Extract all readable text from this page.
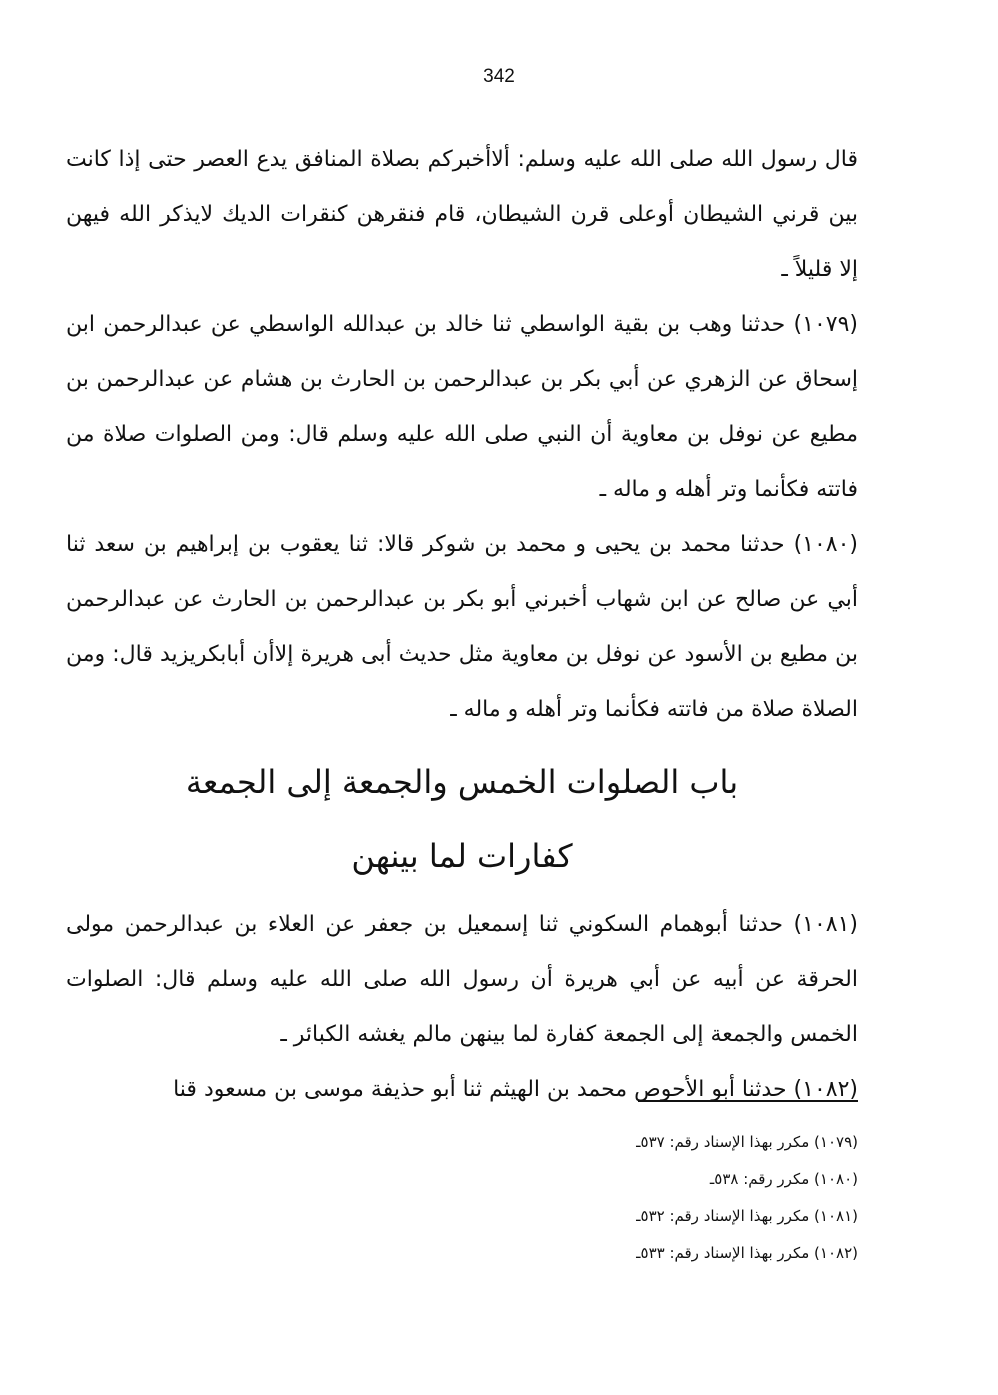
342

قال رسول الله صلى الله عليه وسلم: ألاأخبركم بصلاة المنافق يدع العصر حتى إذا كانت بين قرني الشيطان أوعلى قرن الشيطان، قام فنقرهن كنقرات الديك لايذكر الله فيهن إلا قليلاً ـ

(١٠٧٩) حدثنا وهب بن بقية الواسطي ثنا خالد بن عبدالله الواسطي عن عبدالرحمن ابن إسحاق عن الزهري عن أبي بكر بن عبدالرحمن بن الحارث بن هشام عن عبدالرحمن بن مطيع عن نوفل بن معاوية أن النبي صلى الله عليه وسلم قال: ومن الصلوات صلاة من فاتته فكأنما وتر أهله و ماله ـ

(١٠٨٠) حدثنا محمد بن يحيى و محمد بن شوكر قالا: ثنا يعقوب بن إبراهيم بن سعد ثنا أبي عن صالح عن ابن شهاب أخبرني أبو بكر بن عبدالرحمن بن الحارث عن عبدالرحمن بن مطيع بن الأسود عن نوفل بن معاوية مثل حديث أبى هريرة إلاأن أبابكريزيد قال: ومن الصلاة صلاة من فاتته فكأنما وتر أهله و ماله ـ

باب الصلوات الخمس والجمعة إلى الجمعة
كفارات لما بينهن

(١٠٨١) حدثنا أبوهمام السكوني ثنا إسمعيل بن جعفر عن العلاء بن عبدالرحمن مولى الحرقة عن أبيه عن أبي هريرة أن رسول الله صلى الله عليه وسلم قال: الصلوات الخمس والجمعة إلى الجمعة كفارة لما بينهن مالم يغشه الكبائر ـ

(١٠٨٢) حدثنا أبو الأحوص محمد بن الهيثم ثنا أبو حذيفة موسى بن مسعود قنا

(١٠٧٩) مكرر بهذا الإسناد رقم: ٥٣٧ـ

(١٠٨٠) مكرر رقم: ٥٣٨ـ

(١٠٨١) مكرر بهذا الإسناد رقم: ٥٣٢ـ

(١٠٨٢) مكرر بهذا الإسناد رقم: ٥٣٣ـ
